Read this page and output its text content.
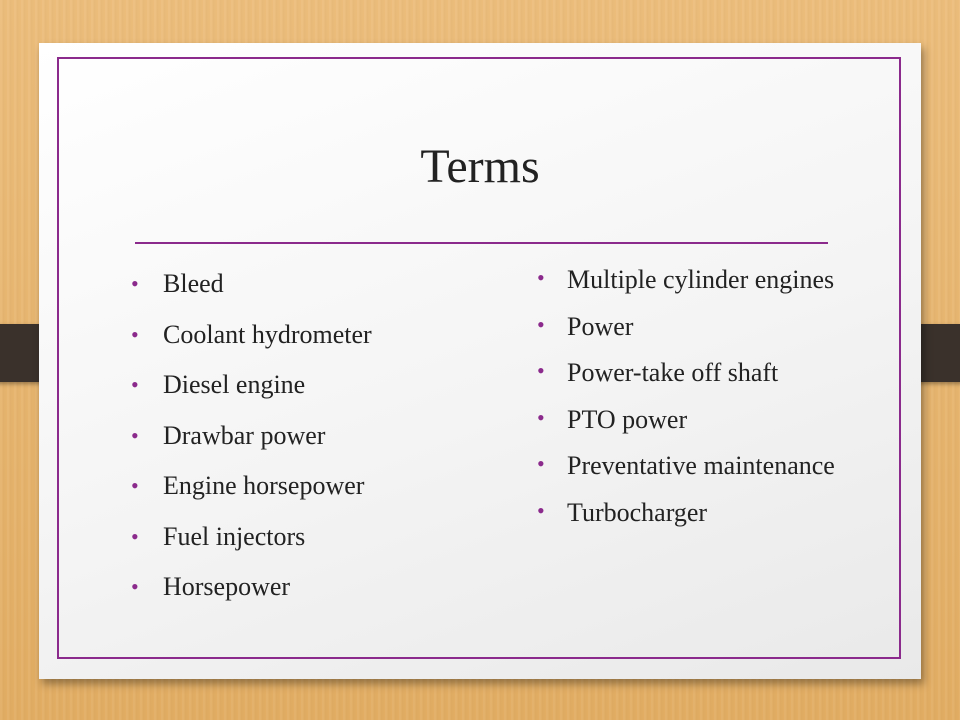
Terms
• Bleed
• Coolant hydrometer
• Diesel engine
• Drawbar power
• Engine horsepower
• Fuel injectors
• Horsepower
• Multiple cylinder engines
• Power
• Power-take off shaft
• PTO power
• Preventative maintenance
• Turbocharger
